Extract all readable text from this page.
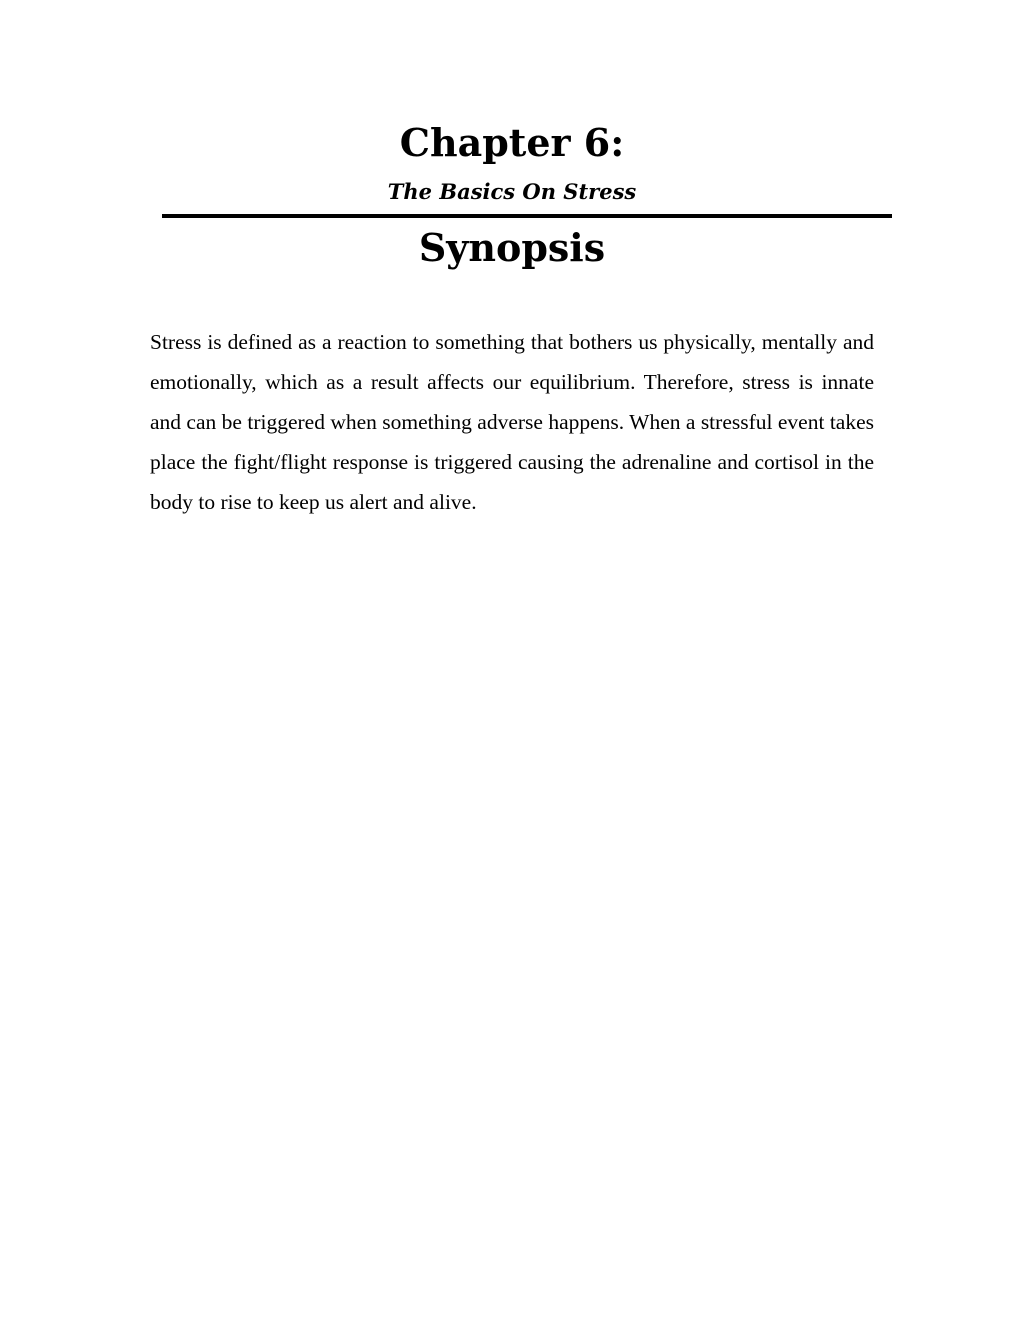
Chapter 6:
The Basics On Stress
Synopsis

Stress is defined as a reaction to something that bothers us physically, mentally and emotionally, which as a result affects our equilibrium. Therefore, stress is innate and can be triggered when something adverse happens. When a stressful event takes place the fight/flight response is triggered causing the adrenaline and cortisol in the body to rise to keep us alert and alive.
